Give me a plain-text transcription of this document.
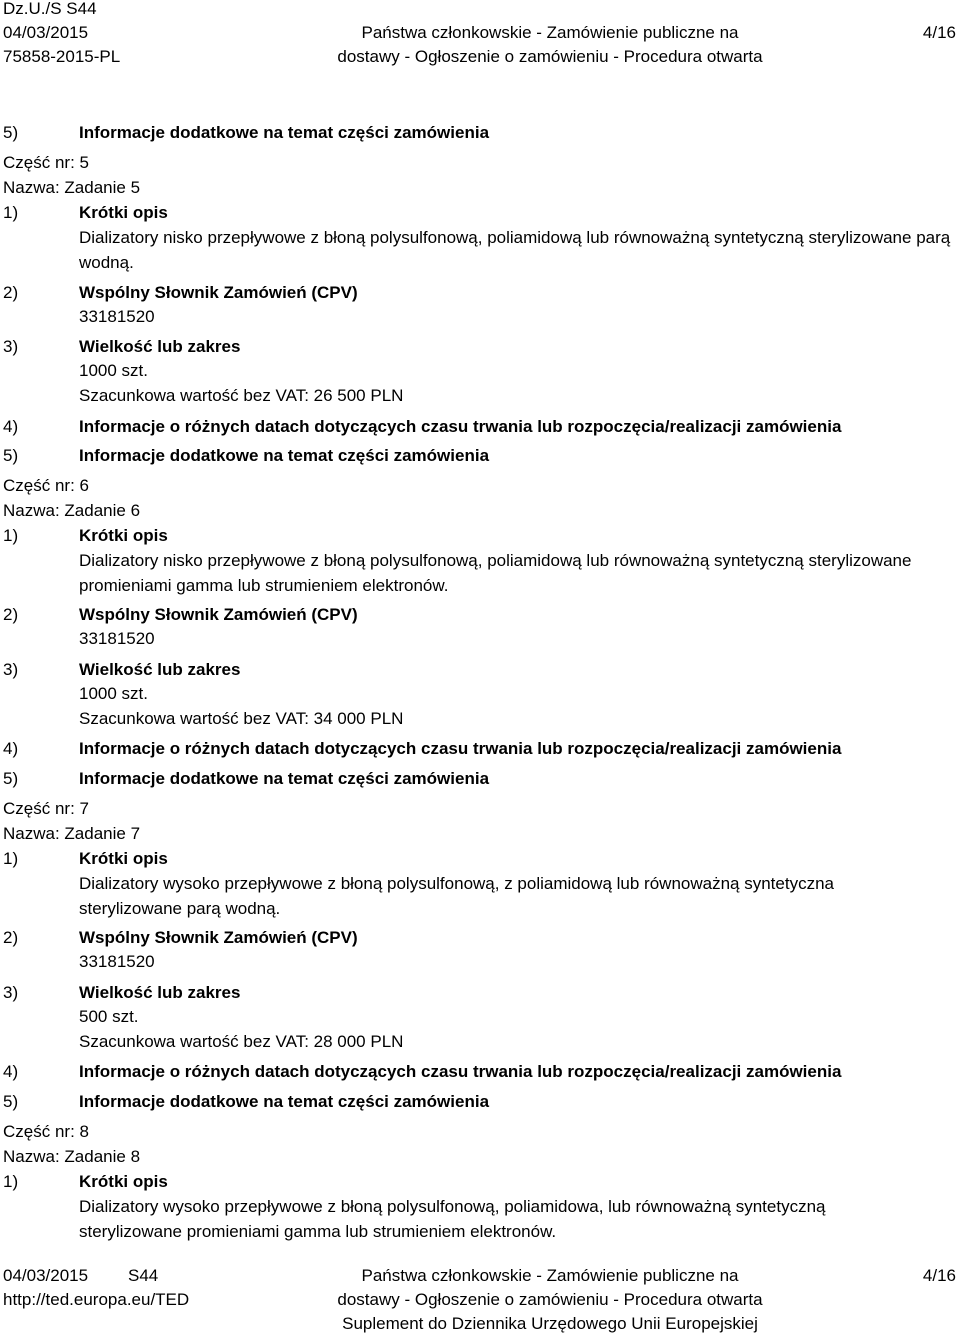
Dz.U./S S44
04/03/2015
75858-2015-PL
Państwa członkowskie - Zamówienie publiczne na
dostawy - Ogłoszenie o zamówieniu - Procedura otwarta
4/16
5)	Informacje dodatkowe na temat części zamówienia
Część nr: 5
Nazwa: Zadanie 5
1)	Krótki opis
Dializatory nisko przepływowe z błoną polysulfonową, poliamidową lub równoważną syntetyczną sterylizowane parą wodną.
2)	Wspólny Słownik Zamówień (CPV)
33181520
3)	Wielkość lub zakres
1000 szt.
Szacunkowa wartość bez VAT: 26 500 PLN
4)	Informacje o różnych datach dotyczących czasu trwania lub rozpoczęcia/realizacji zamówienia
5)	Informacje dodatkowe na temat części zamówienia
Część nr: 6
Nazwa: Zadanie 6
1)	Krótki opis
Dializatory nisko przepływowe z błoną polysulfonową, poliamidową lub równoważną syntetyczną sterylizowane promieniami gamma lub strumieniem elektronów.
2)	Wspólny Słownik Zamówień (CPV)
33181520
3)	Wielkość lub zakres
1000 szt.
Szacunkowa wartość bez VAT: 34 000 PLN
4)	Informacje o różnych datach dotyczących czasu trwania lub rozpoczęcia/realizacji zamówienia
5)	Informacje dodatkowe na temat części zamówienia
Część nr: 7
Nazwa: Zadanie 7
1)	Krótki opis
Dializatory wysoko przepływowe z błoną polysulfonową, z poliamidową lub równoważną syntetyczna sterylizowane parą wodną.
2)	Wspólny Słownik Zamówień (CPV)
33181520
3)	Wielkość lub zakres
500 szt.
Szacunkowa wartość bez VAT: 28 000 PLN
4)	Informacje o różnych datach dotyczących czasu trwania lub rozpoczęcia/realizacji zamówienia
5)	Informacje dodatkowe na temat części zamówienia
Część nr: 8
Nazwa: Zadanie 8
1)	Krótki opis
Dializatory wysoko przepływowe z błoną polysulfonową, poliamidowa, lub równoważną syntetyczną sterylizowane promieniami gamma lub strumieniem elektronów.
04/03/2015 S44
http://ted.europa.eu/TED
Państwa członkowskie - Zamówienie publiczne na
dostawy - Ogłoszenie o zamówieniu - Procedura otwarta
Suplement do Dziennika Urzędowego Unii Europejskiej
4/16
